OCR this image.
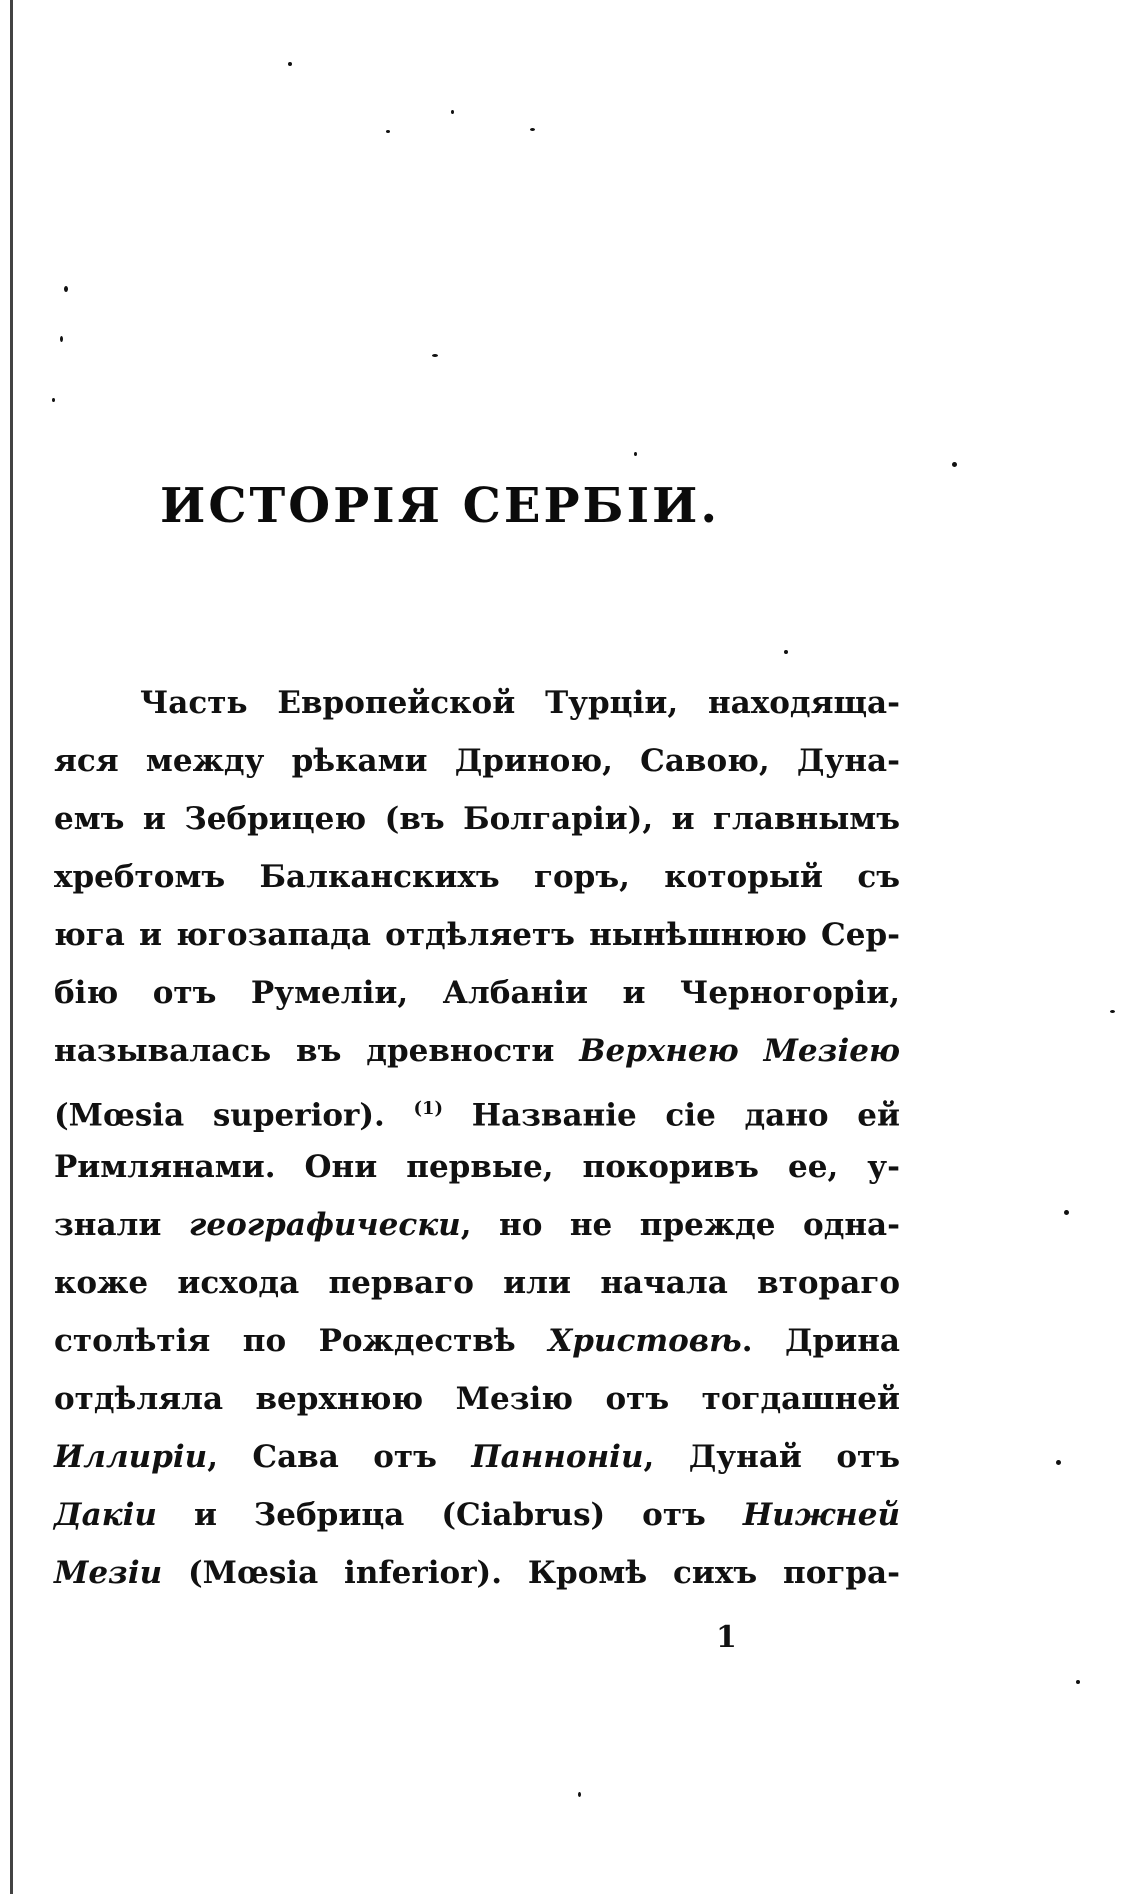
ИСТОРІЯ СЕРБІИ.

Часть Европейской Турціи, находяща-

яся между рѣками Дриною, Савою, Дуна-

емъ и Зебрицею (въ Болгаріи), и главнымъ

хребтомъ Балканскихъ горъ, который съ

юга и югозапада отдѣляетъ нынѣшнюю Сер-

бію отъ Румеліи, Албаніи и Черногоріи,

называлась въ древности Верхнею Мезіею

(Mœsia superior). $^{(1)}$ Названіе сіе дано ей

Римлянами. Они первые, покоривъ ее, у-

знали географически, но не прежде одна-

коже исхода перваго или начала втораго

столѣтія по Рождествѣ Христовѣ. Дрина

отдѣляла верхнюю Мезію отъ тогдашней

Иллиріи, Сава отъ Панноніи, Дунай отъ

Дакіи и Зебрица (Ciabrus) отъ Нижней

Мезіи (Mœsia inferior). Кромѣ сихъ погра-

1
